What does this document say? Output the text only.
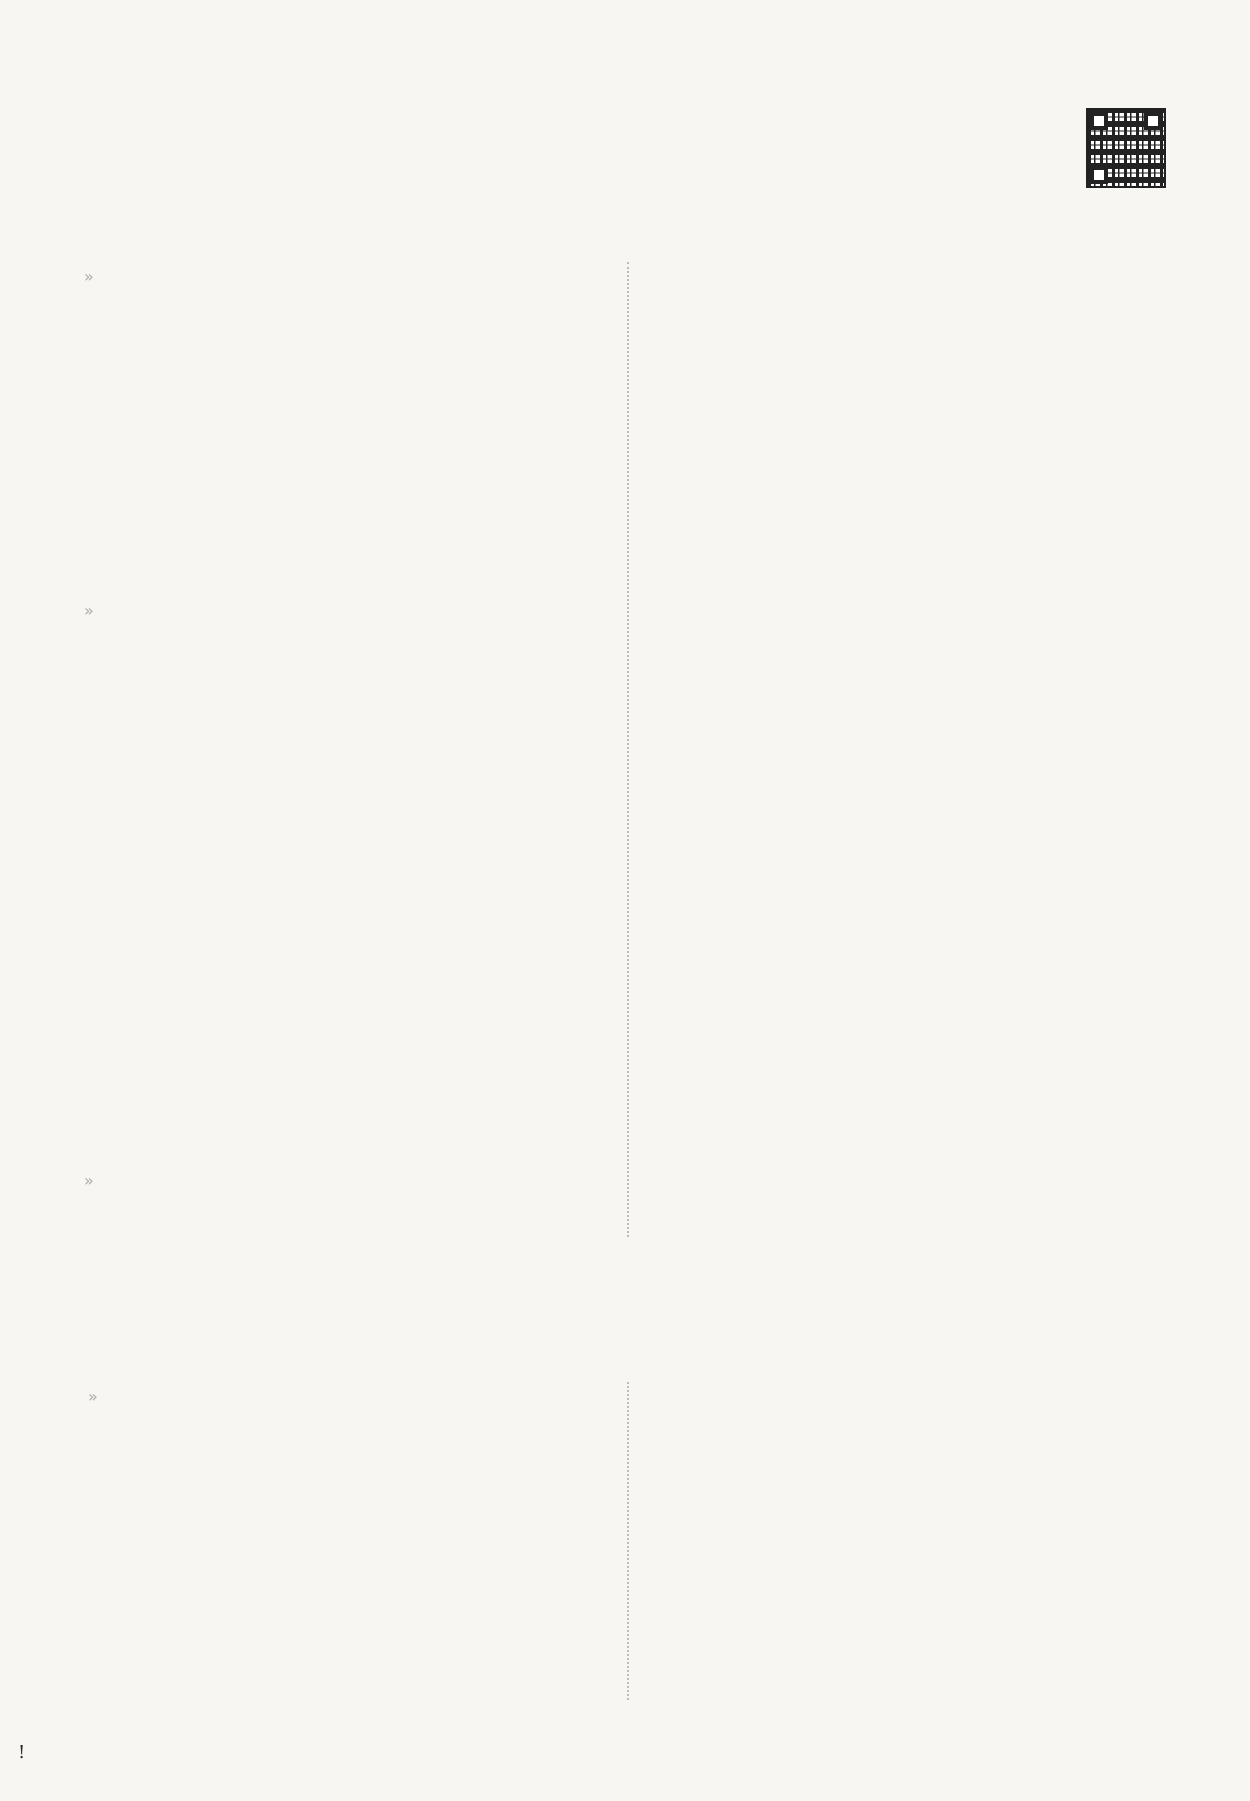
»
»
»
»
!
